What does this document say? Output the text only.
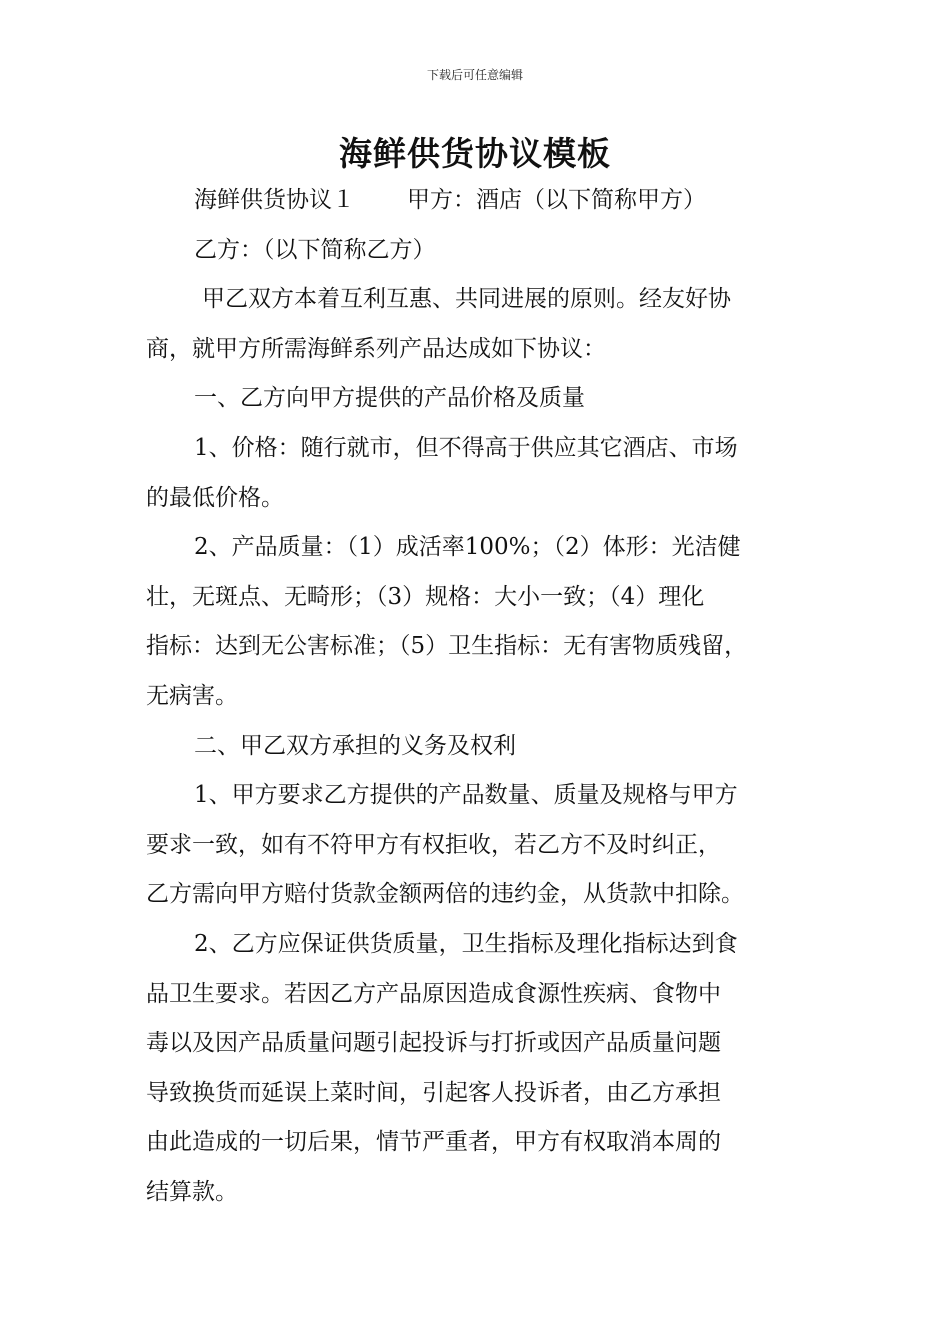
下载后可任意编辑
海鲜供货协议模板
海鲜供货协议１ 甲方：酒店（以下简称甲方）
乙方：（以下简称乙方）
甲乙双方本着互利互惠、共同进展的原则。经友好协
商，就甲方所需海鲜系列产品达成如下协议：
一、乙方向甲方提供的产品价格及质量
1、价格：随行就市，但不得高于供应其它酒店、市场
的最低价格。
2、产品质量：（1）成活率100%；（2）体形：光洁健
壮，无斑点、无畸形；（3）规格：大小一致；（4）理化
指标：达到无公害标准；（5）卫生指标：无有害物质残留，
无病害。
二、甲乙双方承担的义务及权利
1、甲方要求乙方提供的产品数量、质量及规格与甲方
要求一致，如有不符甲方有权拒收，若乙方不及时纠正，
乙方需向甲方赔付货款金额两倍的违约金，从货款中扣除。
2、乙方应保证供货质量，卫生指标及理化指标达到食
品卫生要求。若因乙方产品原因造成食源性疾病、食物中
毒以及因产品质量问题引起投诉与打折或因产品质量问题
导致换货而延误上菜时间，引起客人投诉者，由乙方承担
由此造成的一切后果，情节严重者，甲方有权取消本周的
结算款。
